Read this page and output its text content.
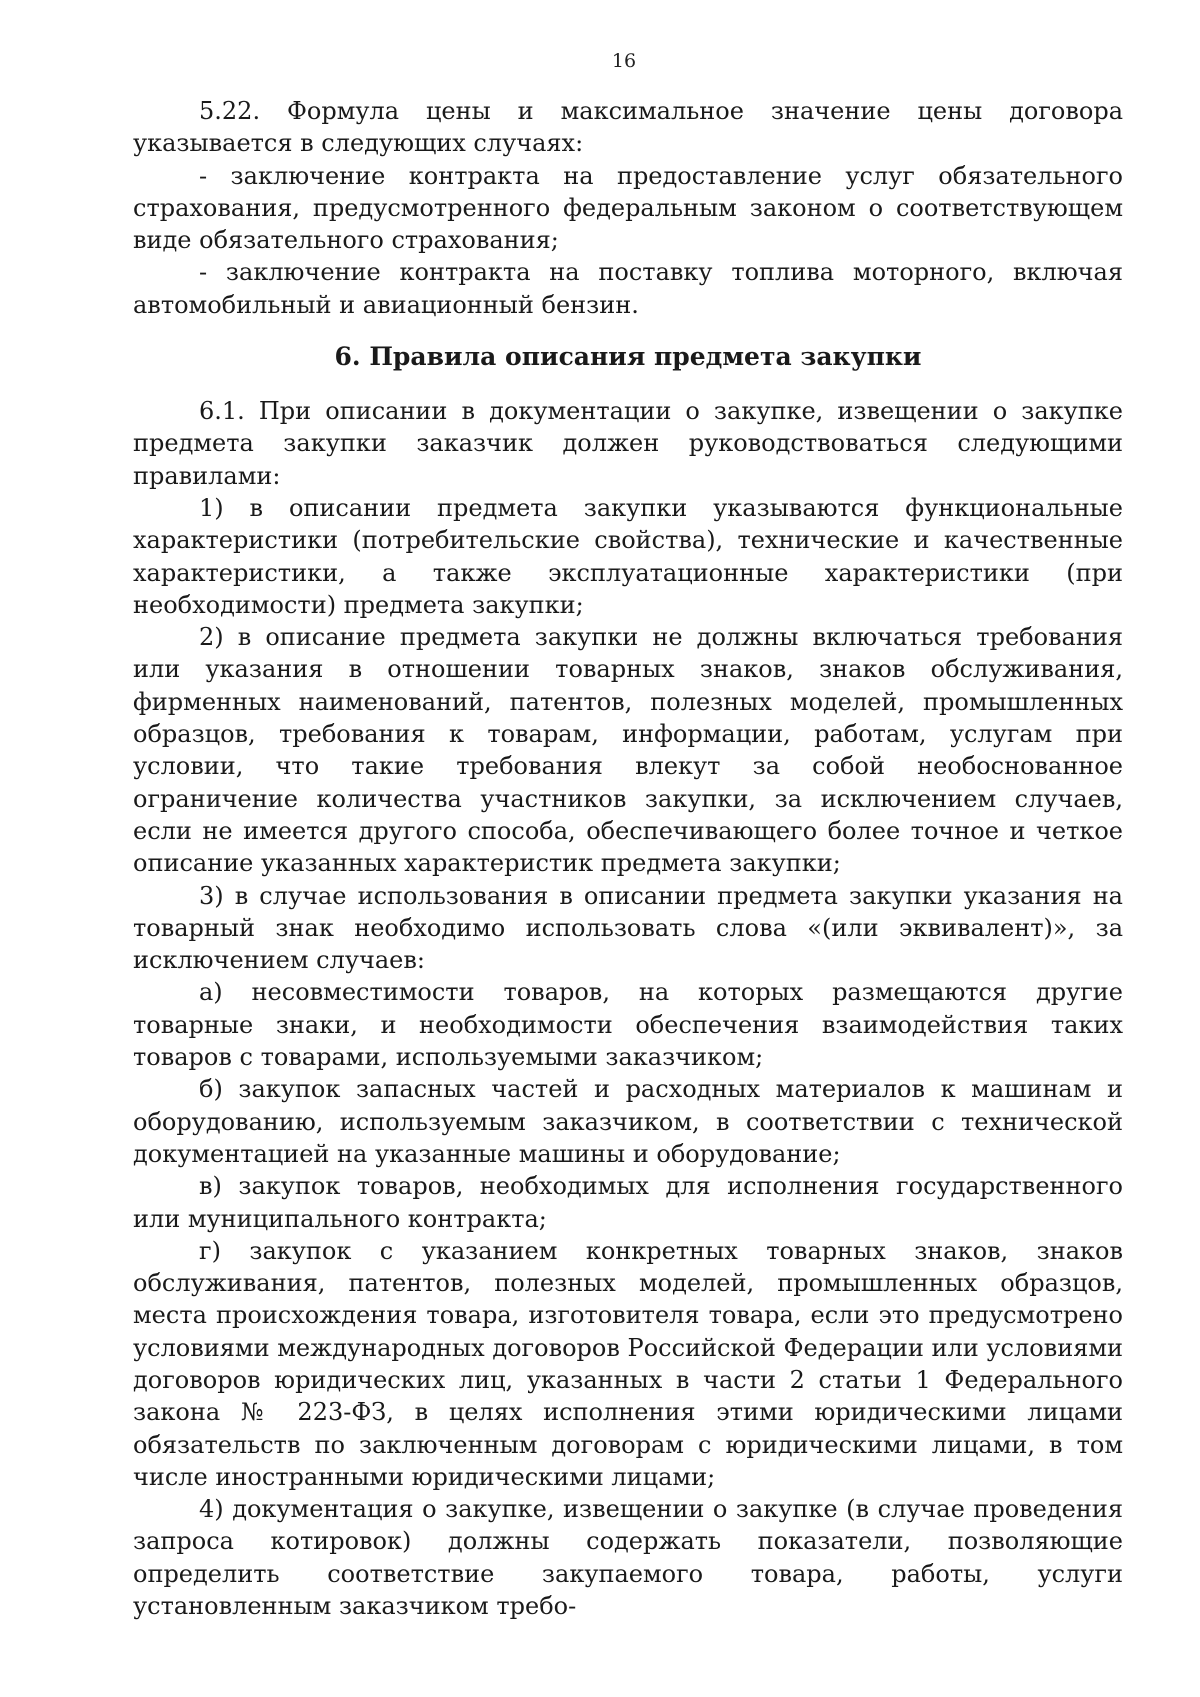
16

5.22. Формула цены и максимальное значение цены договора указывается в следующих случаях:

- заключение контракта на предоставление услуг обязательного страхования, предусмотренного федеральным законом о соответствующем виде обязательного страхования;

- заключение контракта на поставку топлива моторного, включая автомобильный и авиационный бензин.

6. Правила описания предмета закупки

6.1. При описании в документации о закупке, извещении о закупке предмета закупки заказчик должен руководствоваться следующими правилами:

1) в описании предмета закупки указываются функциональные характеристики (потребительские свойства), технические и качественные характеристики, а также эксплуатационные характеристики (при необходимости) предмета закупки;

2) в описание предмета закупки не должны включаться требования или указания в отношении товарных знаков, знаков обслуживания, фирменных наименований, патентов, полезных моделей, промышленных образцов, требования к товарам, информации, работам, услугам при условии, что такие требования влекут за собой необоснованное ограничение количества участников закупки, за исключением случаев, если не имеется другого способа, обеспечивающего более точное и четкое описание указанных характеристик предмета закупки;

3) в случае использования в описании предмета закупки указания на товарный знак необходимо использовать слова «(или эквивалент)», за исключением случаев:

а) несовместимости товаров, на которых размещаются другие товарные знаки, и необходимости обеспечения взаимодействия таких товаров с товарами, используемыми заказчиком;

б) закупок запасных частей и расходных материалов к машинам и оборудованию, используемым заказчиком, в соответствии с технической документацией на указанные машины и оборудование;

в) закупок товаров, необходимых для исполнения государственного или муниципального контракта;

г) закупок с указанием конкретных товарных знаков, знаков обслуживания, патентов, полезных моделей, промышленных образцов, места происхождения товара, изготовителя товара, если это предусмотрено условиями международных договоров Российской Федерации или условиями договоров юридических лиц, указанных в части 2 статьи 1 Федерального закона № 223-ФЗ, в целях исполнения этими юридическими лицами обязательств по заключенным договорам с юридическими лицами, в том числе иностранными юридическими лицами;

4) документация о закупке, извещении о закупке (в случае проведения запроса котировок) должны содержать показатели, позволяющие определить соответствие закупаемого товара, работы, услуги установленным заказчиком требо-
